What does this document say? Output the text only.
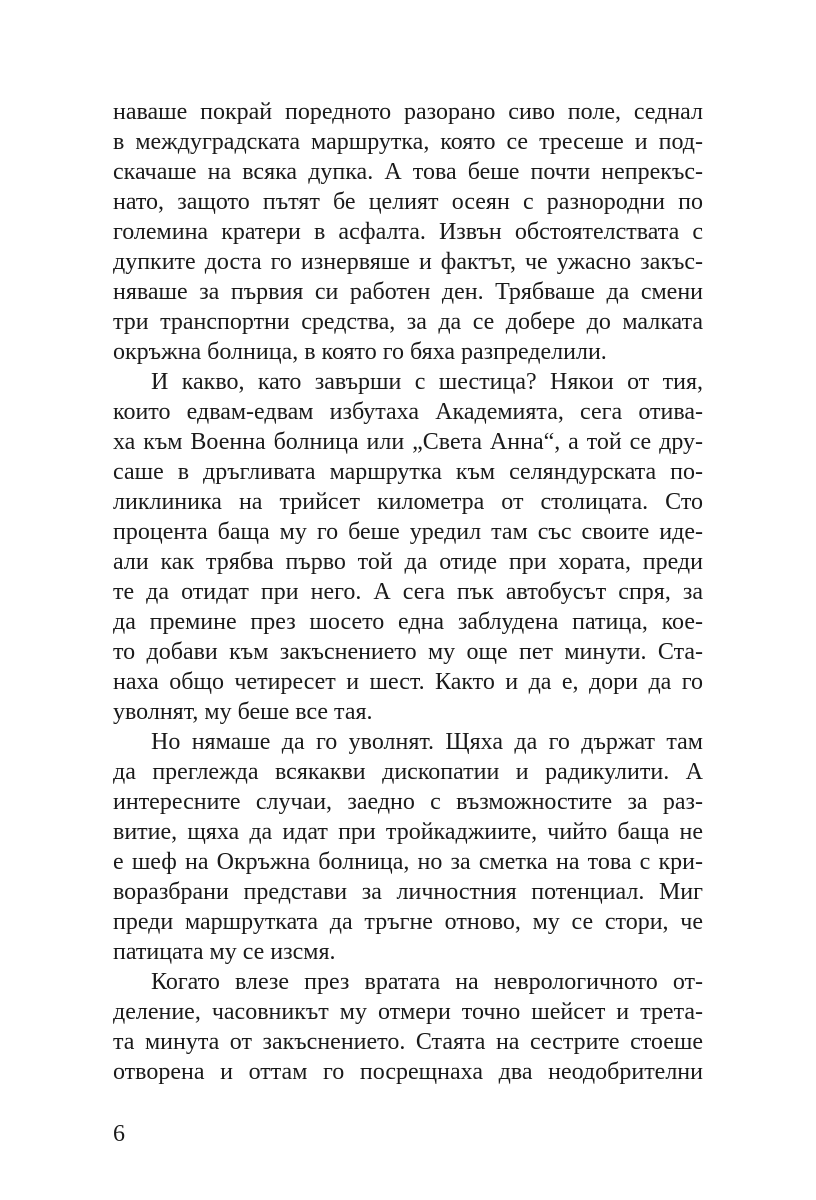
наваше покрай поредното разорано сиво поле, седнал
в междуградската маршрутка, която се тресеше и под-
скачаше на всяка дупка. А това беше почти непрекъс-
нато, защото пътят бе целият осеян с разнородни по
големина кратери в асфалта. Извън обстоятелствата с
дупките доста го изнервяше и фактът, че ужасно закъс-
няваше за първия си работен ден. Трябваше да смени
три транспортни средства, за да се добере до малката
окръжна болница, в която го бяха разпределили.
И какво, като завърши с шестица? Някои от тия,
които едвам-едвам избутаха Академията, сега отива-
ха към Военна болница или „Света Анна“, а той се дру-
саше в дръгливата маршрутка към селяндурската по-
ликлиника на трийсет километра от столицата. Сто
процента баща му го беше уредил там със своите иде-
али как трябва първо той да отиде при хората, преди
те да отидат при него. А сега пък автобусът спря, за
да премине през шосето една заблудена патица, кое-
то добави към закъснението му още пет минути. Ста-
наха общо четиресет и шест. Както и да е, дори да го
уволнят, му беше все тая.
Но нямаше да го уволнят. Щяха да го държат там
да преглежда всякакви дископатии и радикулити. А
интересните случаи, заедно с възможностите за раз-
витие, щяха да идат при тройкаджиите, чийто баща не
е шеф на Окръжна болница, но за сметка на това с кри-
воразбрани представи за личностния потенциал. Миг
преди маршрутката да тръгне отново, му се стори, че
патицата му се изсмя.
Когато влезе през вратата на неврологичното от-
деление, часовникът му отмери точно шейсет и трета-
та минута от закъснението. Стаята на сестрите стоеше
отворена и оттам го посрещнаха два неодобрителни
6
